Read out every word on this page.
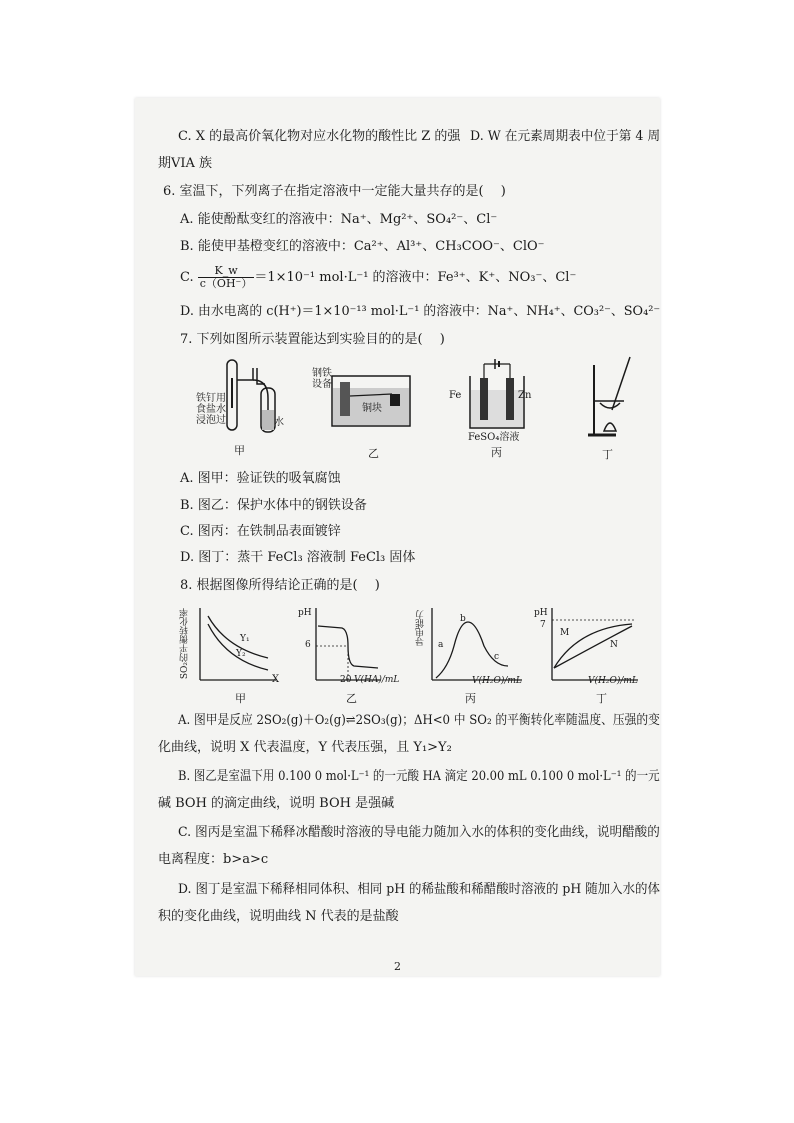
C. X 的最高价氧化物对应水化物的酸性比 Z 的强 D. W 在元素周期表中位于第 4 周
期VIA 族
6. 室温下，下列离子在指定溶液中一定能大量共存的是(　 )
A. 能使酚酞变红的溶液中：Na⁺、Mg²⁺、SO₄²⁻、Cl⁻
B. 能使甲基橙变红的溶液中：Ca²⁺、Al³⁺、CH₃COO⁻、ClO⁻
C. $\frac{K\_w}{c(OH^-)} =1\times 10^{-1}$ mol·L⁻¹ 的溶液中：Fe³⁺、K⁺、NO₃⁻、Cl⁻
D. 由水电离的 c(H⁺)＝1×10⁻¹³ mol·L⁻¹ 的溶液中：Na⁺、NH₄⁺、CO₃²⁻、SO₄²⁻
7. 下列如图所示装置能达到实验目的的是(　 )
铁钉用
食盐水
浸泡过	水
钢铁
设备
铜块
Fe	Zn
FeSO₄溶液
甲	乙	丙	丁
A. 图甲：验证铁的吸氧腐蚀
B. 图乙：保护水体中的钢铁设备
C. 图丙：在铁制品表面镀锌
D. 图丁：蒸干 FeCl₃ 溶液制 FeCl₃ 固体
8. 根据图像所得结论正确的是(　 )
SO₂的平衡转化率	Y₁
Y₂
X
pH
6
20 V(HA)/mL
导电能力 a
b
c
V(H₂O)/mL
pH
7
M
N
V(H₂O)/mL
甲	乙	丙	丁
A. 图甲是反应 2SO₂(g)＋O₂(g)⇌2SO₃(g)；ΔH<0 中 SO₂ 的平衡转化率随温度、压强的变
化曲线，说明 X 代表温度，Y 代表压强，且 Y₁>Y₂
B. 图乙是室温下用 0.100 0 mol·L⁻¹ 的一元酸 HA 滴定 20.00 mL 0.100 0 mol·L⁻¹ 的一元
碱 BOH 的滴定曲线，说明 BOH 是强碱
C. 图丙是室温下稀释冰醋酸时溶液的导电能力随加入水的体积的变化曲线，说明醋酸的
电离程度：b>a>c
D. 图丁是室温下稀释相同体积、相同 pH 的稀盐酸和稀醋酸时溶液的 pH 随加入水的体
积的变化曲线，说明曲线 N 代表的是盐酸
2
